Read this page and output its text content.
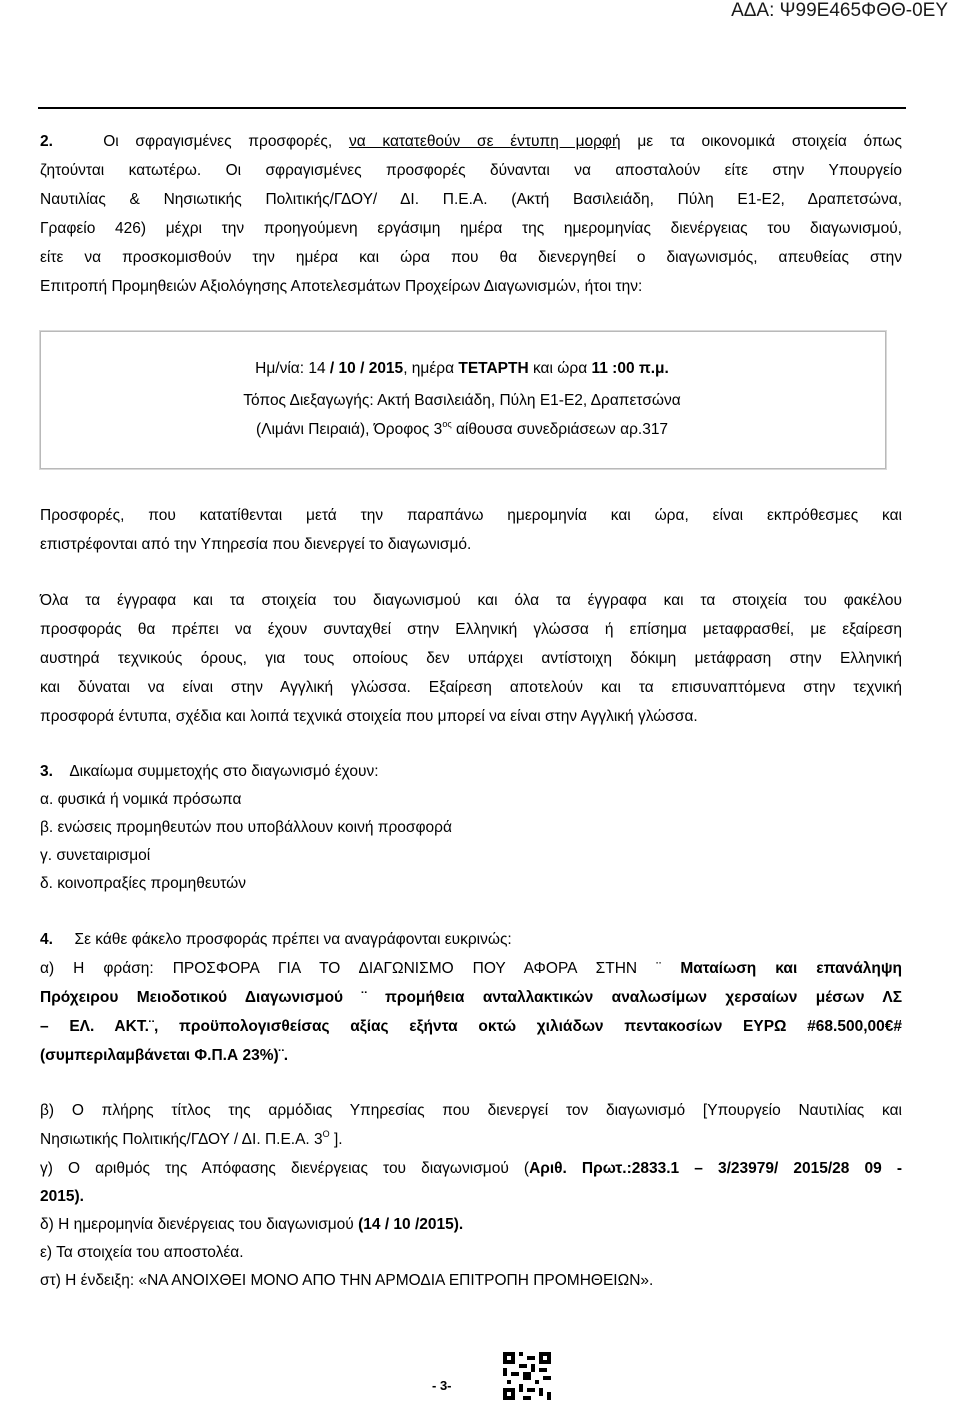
ΑΔΑ: Ψ99Ε465ΦΘΘ-0ΕΥ
2.	Οι σφραγισμένες προσφορές, να κατατεθούν σε έντυπη μορφή με τα οικονομικά στοιχεία όπως
ζητούνται κατωτέρω. Οι σφραγισμένες προσφορές δύνανται να αποσταλούν είτε στην Υπουργείο
Ναυτιλίας & Νησιωτικής Πολιτικής/ΓΔΟΥ/ ΔΙ. Π.Ε.Α. (Ακτή Βασιλειάδη, Πύλη Ε1-Ε2, Δραπετσώνα,
Γραφείο 426) μέχρι την προηγούμενη εργάσιμη ημέρα της ημερομηνίας διενέργειας του διαγωνισμού,
είτε να προσκομισθούν την ημέρα και ώρα που θα διενεργηθεί ο διαγωνισμός, απευθείας στην
Επιτροπή Προμηθειών Αξιολόγησης Αποτελεσμάτων Προχείρων Διαγωνισμών, ήτοι την:
Ημ/νία: 14 / 10 / 2015, ημέρα ΤΕΤΑΡΤΗ και ώρα 11 :00 π.μ.
Τόπος Διεξαγωγής: Ακτή Βασιλειάδη, Πύλη Ε1-Ε2, Δραπετσώνα
(Λιμάνι Πειραιά), Όροφος $3^{o\varsigma}$ αίθουσα συνεδριάσεων αρ.317
Προσφορές, που κατατίθενται μετά την παραπάνω ημερομηνία και ώρα, είναι εκπρόθεσμες και
επιστρέφονται από την Υπηρεσία που διενεργεί το διαγωνισμό.
Όλα τα έγγραφα και τα στοιχεία του διαγωνισμού και όλα τα έγγραφα και τα στοιχεία του φακέλου
προσφοράς θα πρέπει να έχουν συνταχθεί στην Ελληνική γλώσσα ή επίσημα μεταφρασθεί, με εξαίρεση
αυστηρά τεχνικούς όρους, για τους οποίους δεν υπάρχει αντίστοιχη δόκιμη μετάφραση στην Ελληνική
και δύναται να είναι στην Αγγλική γλώσσα. Εξαίρεση αποτελούν και τα επισυναπτόμενα στην τεχνική
προσφορά έντυπα, σχέδια και λοιπά τεχνικά στοιχεία που μπορεί να είναι στην Αγγλική γλώσσα.
3. Δικαίωμα συμμετοχής στο διαγωνισμό έχουν:
α. φυσικά ή νομικά πρόσωπα
β. ενώσεις προμηθευτών που υποβάλλουν κοινή προσφορά
γ. συνεταιρισμοί
δ. κοινοπραξίες προμηθευτών
4. Σε κάθε φάκελο προσφοράς πρέπει να αναγράφονται ευκρινώς:
α) Η φράση: ΠΡΟΣΦΟΡΑ ΓΙΑ ΤΟ ΔΙΑΓΩΝΙΣΜΟ ΠΟΥ ΑΦΟΡΑ ΣΤΗΝ ¨ Ματαίωση και επανάληψη
Πρόχειρου Μειοδοτικού Διαγωνισμού ¨ προμήθεια ανταλλακτικών αναλωσίμων χερσαίων μέσων ΛΣ
– ΕΛ. ΑΚΤ.¨, προϋπολογισθείσας αξίας εξήντα οκτώ χιλιάδων πεντακοσίων ΕΥΡΩ #68.500,00€#
(συμπεριλαμβάνεται Φ.Π.Α 23%)¨.
β) Ο πλήρης τίτλος της αρμόδιας Υπηρεσίας που διενεργεί τον διαγωνισμό [Υπουργείο Ναυτιλίας και
Νησιωτικής Πολιτικής/ΓΔΟΥ / ΔΙ. Π.Ε.Α. $3^O$ ].
γ) Ο αριθμός της Απόφασης διενέργειας του διαγωνισμού (Αριθ. Πρωτ.:2833.1 – 3/23979/ 2015/28 09 -
2015).
δ) Η ημερομηνία διενέργειας του διαγωνισμού (14 / 10 /2015).
ε) Τα στοιχεία του αποστολέα.
στ) Η ένδειξη: «ΝΑ ΑΝΟΙΧΘΕΙ ΜΟΝΟ ΑΠΟ ΤΗΝ ΑΡΜΟΔΙΑ ΕΠΙΤΡΟΠΗ ΠΡΟΜΗΘΕΙΩΝ».
- 3-
